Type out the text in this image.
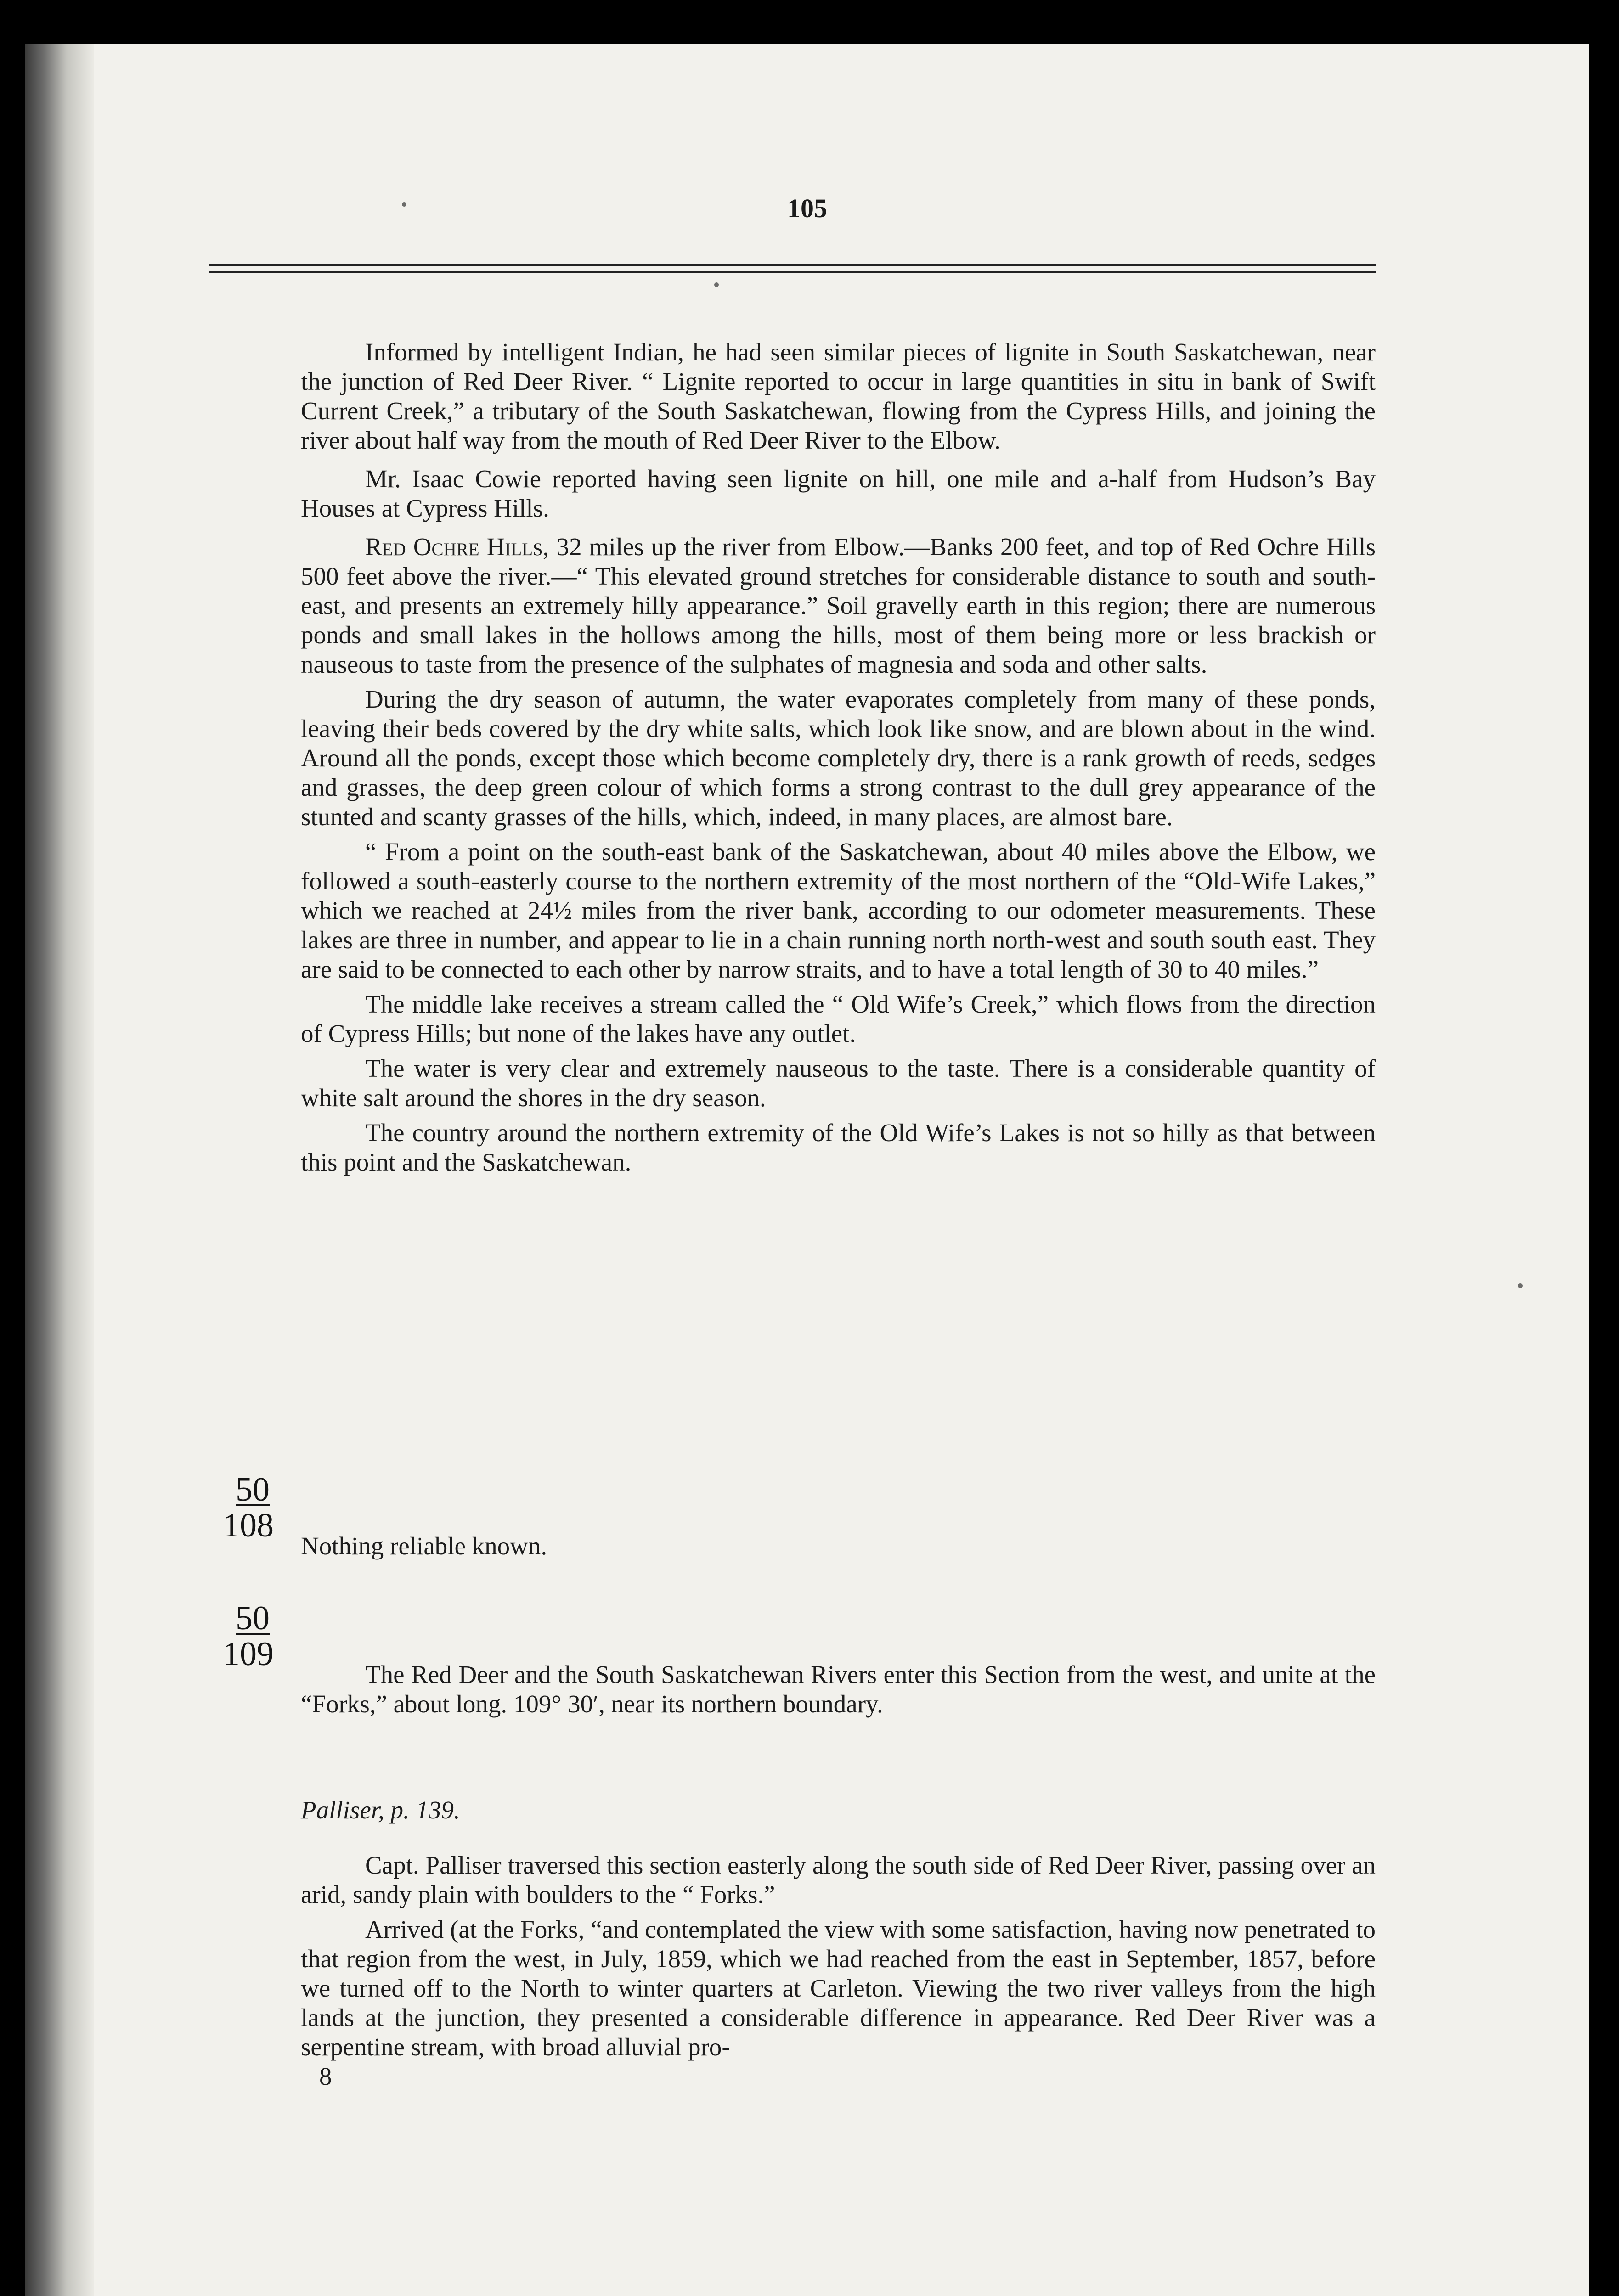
105

Informed by intelligent Indian, he had seen similar pieces of lignite in South Saskatchewan, near the junction of Red Deer River. “ Lignite reported to occur in large quantities in situ in bank of Swift Current Creek,” a tributary of the South Saskatchewan, flowing from the Cypress Hills, and joining the river about half way from the mouth of Red Deer River to the Elbow.

Mr. Isaac Cowie reported having seen lignite on hill, one mile and a-half from Hudson’s Bay Houses at Cypress Hills.

Red Ochre Hills, 32 miles up the river from Elbow.—Banks 200 feet, and top of Red Ochre Hills 500 feet above the river.—“ This elevated ground stretches for considerable distance to south and south-east, and presents an extremely hilly appearance.” Soil gravelly earth in this region; there are numerous ponds and small lakes in the hollows among the hills, most of them being more or less brackish or nauseous to taste from the presence of the sulphates of magnesia and soda and other salts.

During the dry season of autumn, the water evaporates completely from many of these ponds, leaving their beds covered by the dry white salts, which look like snow, and are blown about in the wind. Around all the ponds, except those which become completely dry, there is a rank growth of reeds, sedges and grasses, the deep green colour of which forms a strong contrast to the dull grey appearance of the stunted and scanty grasses of the hills, which, indeed, in many places, are almost bare.

“ From a point on the south-east bank of the Saskatchewan, about 40 miles above the Elbow, we followed a south-easterly course to the northern extremity of the most northern of the “Old-Wife Lakes,” which we reached at 24½ miles from the river bank, according to our odometer measurements. These lakes are three in number, and appear to lie in a chain running north north-west and south south east. They are said to be connected to each other by narrow straits, and to have a total length of 30 to 40 miles.”

The middle lake receives a stream called the “ Old Wife’s Creek,” which flows from the direction of Cypress Hills; but none of the lakes have any outlet.

The water is very clear and extremely nauseous to the taste. There is a considerable quantity of white salt around the shores in the dry season.

The country around the northern extremity of the Old Wife’s Lakes is not so hilly as that between this point and the Saskatchewan.

50
108
Nothing reliable known.
50
109

The Red Deer and the South Saskatchewan Rivers enter this Section from the west, and unite at the “Forks,” about long. 109° 30′, near its northern boundary.

Palliser, p. 139.

Capt. Palliser traversed this section easterly along the south side of Red Deer River, passing over an arid, sandy plain with boulders to the “ Forks.”

Arrived (at the Forks, “and contemplated the view with some satisfaction, having now penetrated to that region from the west, in July, 1859, which we had reached from the east in September, 1857, before we turned off to the North to winter quarters at Carleton. Viewing the two river valleys from the high lands at the junction, they presented a considerable difference in appearance. Red Deer River was a serpentine stream, with broad alluvial pro-

8
